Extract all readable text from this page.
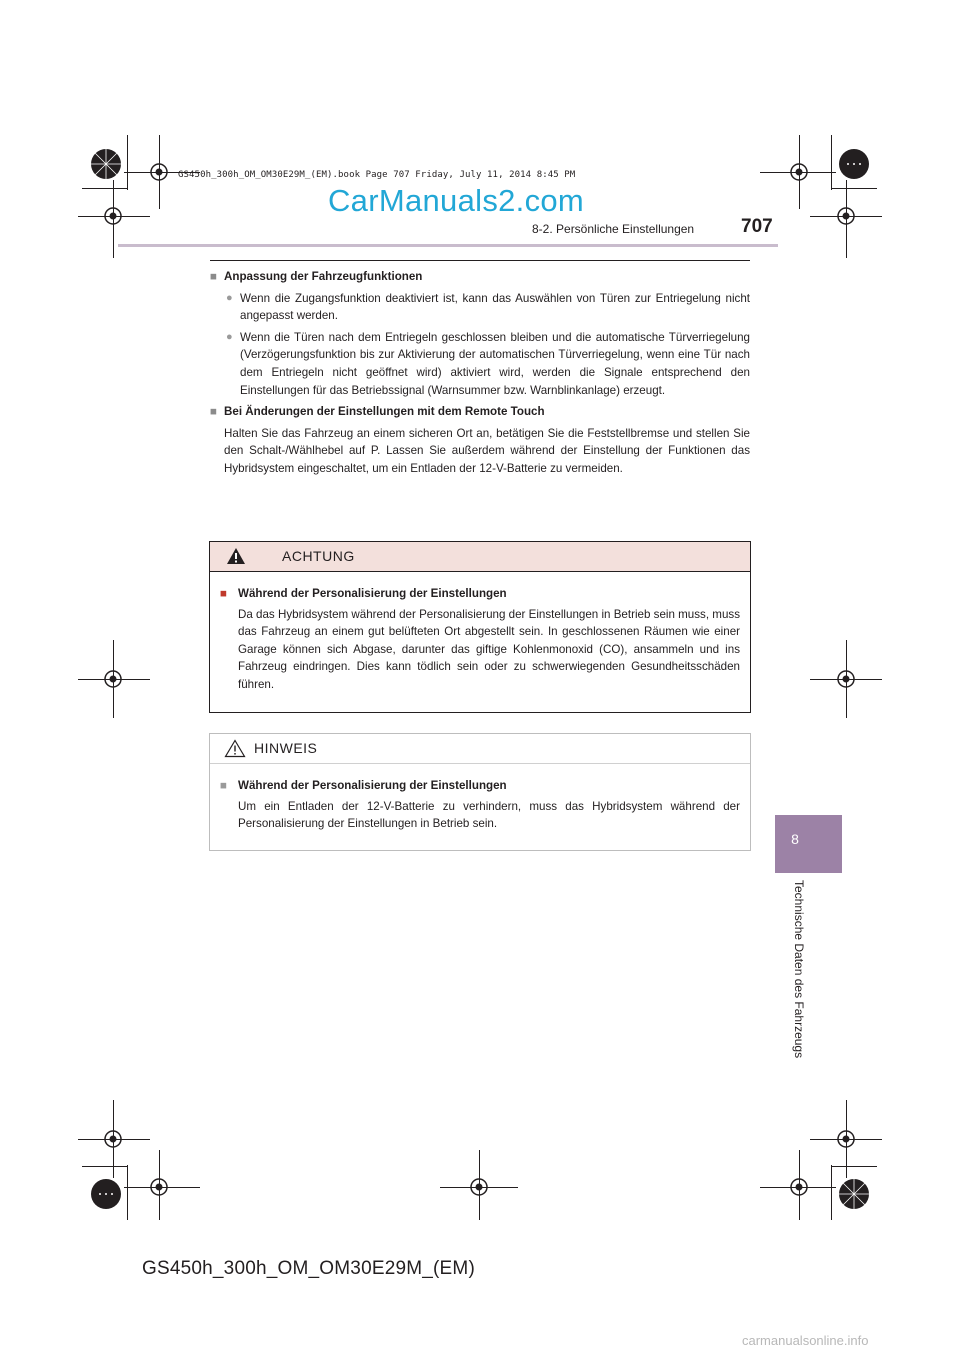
GS450h_300h_OM_OM30E29M_(EM).book Page 707 Friday, July 11, 2014 8:45 PM
CarManuals2.com
8-2. Persönliche Einstellungen 707
8
Technische Daten des Fahrzeugs
■ Anpassung der Fahrzeugfunktionen
● Wenn die Zugangsfunktion deaktiviert ist, kann das Auswählen von Türen zur Entriegelung nicht angepasst werden.
● Wenn die Türen nach dem Entriegeln geschlossen bleiben und die automatische Türverriegelung (Verzögerungsfunktion bis zur Aktivierung der automatischen Türverriegelung, wenn eine Tür nach dem Entriegeln nicht geöffnet wird) aktiviert wird, werden die Signale entsprechend den Einstellungen für das Betriebssignal (Warnsummer bzw. Warnblinkanlage) erzeugt.
■ Bei Änderungen der Einstellungen mit dem Remote Touch
Halten Sie das Fahrzeug an einem sicheren Ort an, betätigen Sie die Feststellbremse und stellen Sie den Schalt-/Wählhebel auf P. Lassen Sie außerdem während der Einstellung der Funktionen das Hybridsystem eingeschaltet, um ein Entladen der 12-V-Batterie zu vermeiden.
ACHTUNG
■ Während der Personalisierung der Einstellungen
Da das Hybridsystem während der Personalisierung der Einstellungen in Betrieb sein muss, muss das Fahrzeug an einem gut belüfteten Ort abgestellt sein. In geschlossenen Räumen wie einer Garage können sich Abgase, darunter das giftige Kohlenmonoxid (CO), ansammeln und ins Fahrzeug eindringen. Dies kann tödlich sein oder zu schwerwiegenden Gesundheitsschäden führen.
HINWEIS
■ Während der Personalisierung der Einstellungen
Um ein Entladen der 12-V-Batterie zu verhindern, muss das Hybridsystem während der Personalisierung der Einstellungen in Betrieb sein.
GS450h_300h_OM_OM30E29M_(EM)
carmanualsonline.info
